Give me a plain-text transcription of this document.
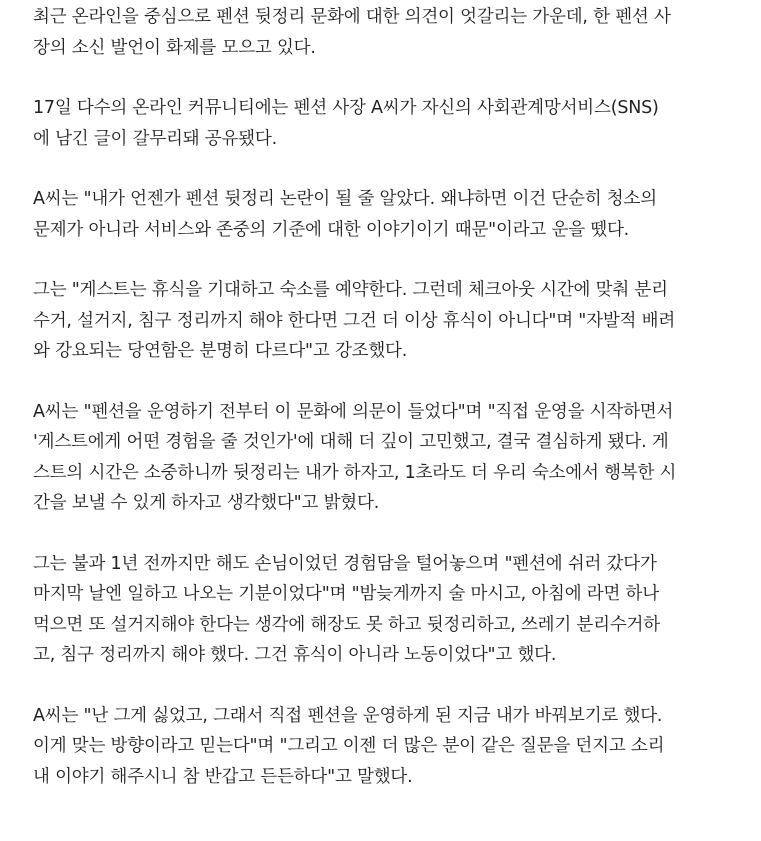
최근 온라인을 중심으로 펜션 뒷정리 문화에 대한 의견이 엇갈리는 가운데, 한 펜션 사
장의 소신 발언이 화제를 모으고 있다.

17일 다수의 온라인 커뮤니티에는 펜션 사장 A씨가 자신의 사회관계망서비스(SNS)
에 남긴 글이 갈무리돼 공유됐다.

A씨는 "내가 언젠가 펜션 뒷정리 논란이 될 줄 알았다. 왜냐하면 이건 단순히 청소의
문제가 아니라 서비스와 존중의 기준에 대한 이야기이기 때문"이라고 운을 뗐다.

그는 "게스트는 휴식을 기대하고 숙소를 예약한다. 그런데 체크아웃 시간에 맞춰 분리
수거, 설거지, 침구 정리까지 해야 한다면 그건 더 이상 휴식이 아니다"며 "자발적 배려
와 강요되는 당연함은 분명히 다르다"고 강조했다.

A씨는 "펜션을 운영하기 전부터 이 문화에 의문이 들었다"며 "직접 운영을 시작하면서
'게스트에게 어떤 경험을 줄 것인가'에 대해 더 깊이 고민했고, 결국 결심하게 됐다. 게
스트의 시간은 소중하니까 뒷정리는 내가 하자고, 1초라도 더 우리 숙소에서 행복한 시
간을 보낼 수 있게 하자고 생각했다"고 밝혔다.

그는 불과 1년 전까지만 해도 손님이었던 경험담을 털어놓으며 "펜션에 쉬러 갔다가
마지막 날엔 일하고 나오는 기분이었다"며 "밤늦게까지 술 마시고, 아침에 라면 하나
먹으면 또 설거지해야 한다는 생각에 해장도 못 하고 뒷정리하고, 쓰레기 분리수거하
고, 침구 정리까지 해야 했다. 그건 휴식이 아니라 노동이었다"고 했다.

A씨는 "난 그게 싫었고, 그래서 직접 펜션을 운영하게 된 지금 내가 바꿔보기로 했다.
이게 맞는 방향이라고 믿는다"며 "그리고 이젠 더 많은 분이 같은 질문을 던지고 소리
내 이야기 해주시니 참 반갑고 든든하다"고 말했다.
